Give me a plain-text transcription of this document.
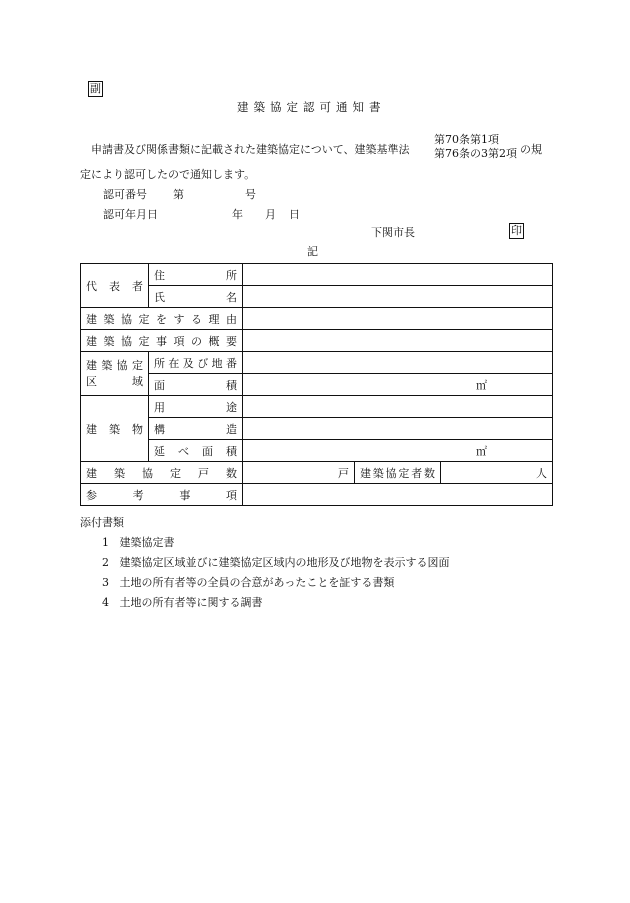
副
建築協定認可通知書
申請書及び関係書類に記載された建築協定について、建築基準法
第70条第1項
第76条の3第2項 の規
定により認可したので通知します。
認可番号 第	号
認可年月日	年 月 日
下関市長	印
記
代表者	住所			

	氏名			

建築協定をする理由				

建築協定事項の概要				

建築協定
区域	所在及び地番			

	面積	㎡		

建築物	用途			

	構造			

	延べ面積	㎡		

建築協定戸数		戸	建築協定者数	人

参考事項				

添付書類
1 建築協定書
2 建築協定区域並びに建築協定区域内の地形及び地物を表示する図面
3 土地の所有者等の全員の合意があったことを証する書類
4 土地の所有者等に関する調書
